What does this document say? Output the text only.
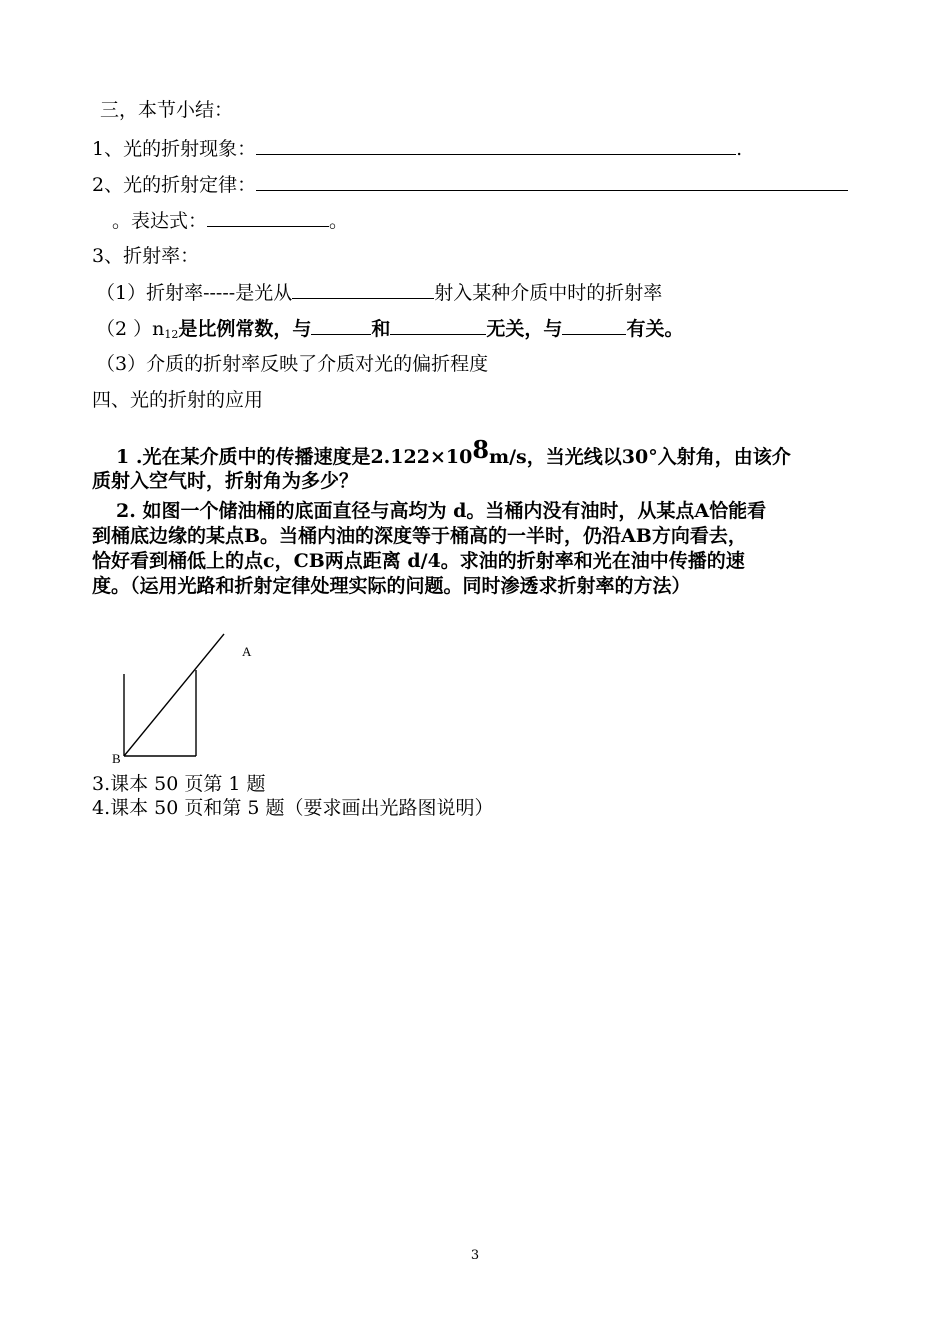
三，本节小结：
1、光的折射现象：	.
2、光的折射定律：
。表达式：	。
3、折射率：
（1）折射率-----是光从	射入某种介质中时的折射率
（2 ）$n_{12}$是比例常数，与	和	无关，与	有关。
（3）介质的折射率反映了介质对光的偏折程度
四、光的折射的应用
1 .光在某介质中的传播速度是2.122×108m/s，当光线以30°入射角，由该介
质射入空气时，折射角为多少？
2. 如图一个储油桶的底面直径与高均为 d。当桶内没有油时，从某点A恰能看
到桶底边缘的某点B。当桶内油的深度等于桶高的一半时，仍沿AB方向看去，
恰好看到桶低上的点c，CB两点距离 d/4。求油的折射率和光在油中传播的速
度。（运用光路和折射定律处理实际的问题。同时渗透求折射率的方法）
A
B
3.课本 50 页第 1 题
4.课本 50 页和第 5 题（要求画出光路图说明）
3
